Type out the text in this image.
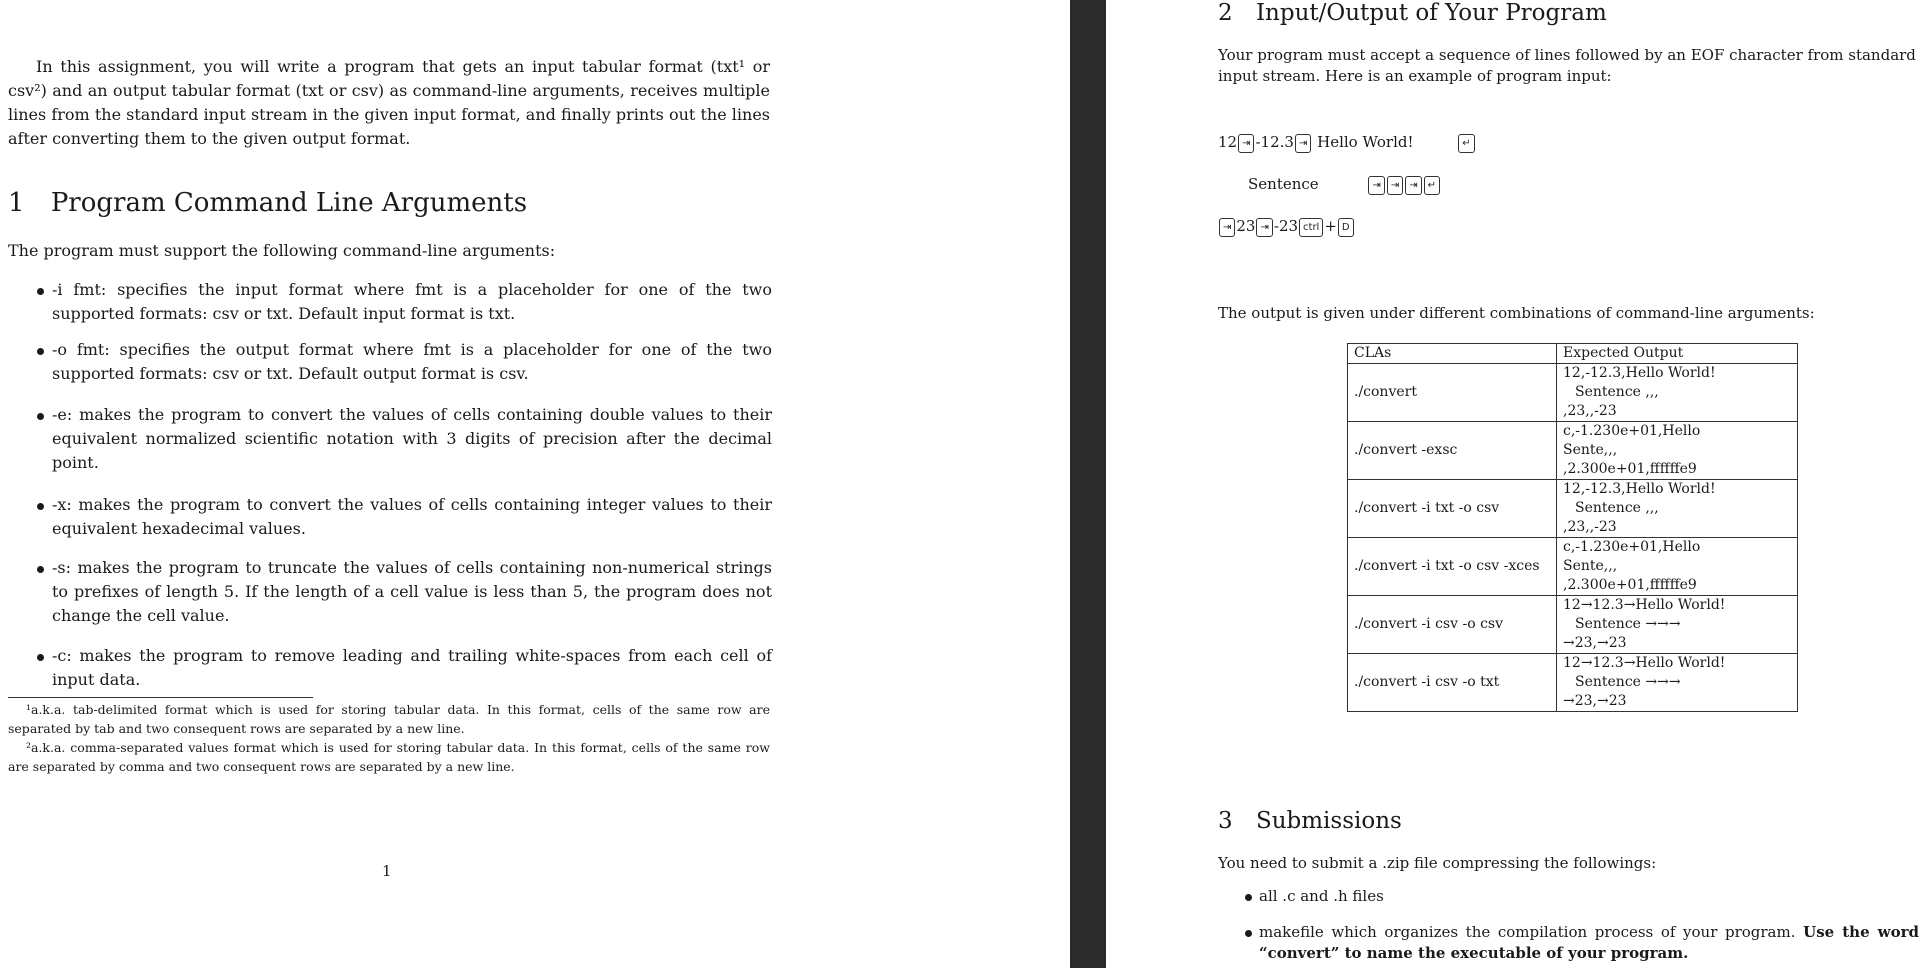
In this assignment, you will write a program that gets an input tabular format (txt¹ or csv²) and an output tabular format (txt or csv) as command-line arguments, receives multiple lines from the standard input stream in the given input format, and finally prints out the lines after converting them to the given output format.
1 Program Command Line Arguments
The program must support the following command-line arguments:
-i fmt: specifies the input format where fmt is a placeholder for one of the two supported formats: csv or txt. Default input format is txt.
-o fmt: specifies the output format where fmt is a placeholder for one of the two supported formats: csv or txt. Default output format is csv.
-e: makes the program to convert the values of cells containing double values to their equivalent normalized scientific notation with 3 digits of precision after the decimal point.
-x: makes the program to convert the values of cells containing integer values to their equivalent hexadecimal values.
-s: makes the program to truncate the values of cells containing non-numerical strings to prefixes of length 5. If the length of a cell value is less than 5, the program does not change the cell value.
-c: makes the program to remove leading and trailing white-spaces from each cell of input data.
¹a.k.a. tab-delimited format which is used for storing tabular data. In this format, cells of the same row are separated by tab and two consequent rows are separated by a new line.
²a.k.a. comma-separated values format which is used for storing tabular data. In this format, cells of the same row are separated by comma and two consequent rows are separated by a new line.
1
2 Input/Output of Your Program
Your program must accept a sequence of lines followed by an EOF character from standard input stream. Here is an example of program input:
12 ⇥ -12.3 ⇥ Hello World!	↵
Sentence	⇥ ⇥ ⇥ ↵
⇥ 23 ⇥ -23 ctrl + D
The output is given under different combinations of command-line arguments:
CLAs	Expected Output
./convert	12,-12.3,Hello World!
Sentence ,,,
,23,,-23

./convert -exsc	c,-1.230e+01,Hello
Sente,,,
,2.300e+01,ffffffe9

./convert -i txt -o csv	12,-12.3,Hello World!
Sentence ,,,
,23,,-23

./convert -i txt -o csv -xces	c,-1.230e+01,Hello
Sente,,,
,2.300e+01,ffffffe9

./convert -i csv -o csv	12→12.3→Hello World!
Sentence →→→
→23,→23

./convert -i csv -o txt	12→12.3→Hello World!
Sentence →→→
→23,→23
3 Submissions
You need to submit a .zip file compressing the followings:
all .c and .h files
makefile which organizes the compilation process of your program. Use the word “convert” to name the executable of your program.
